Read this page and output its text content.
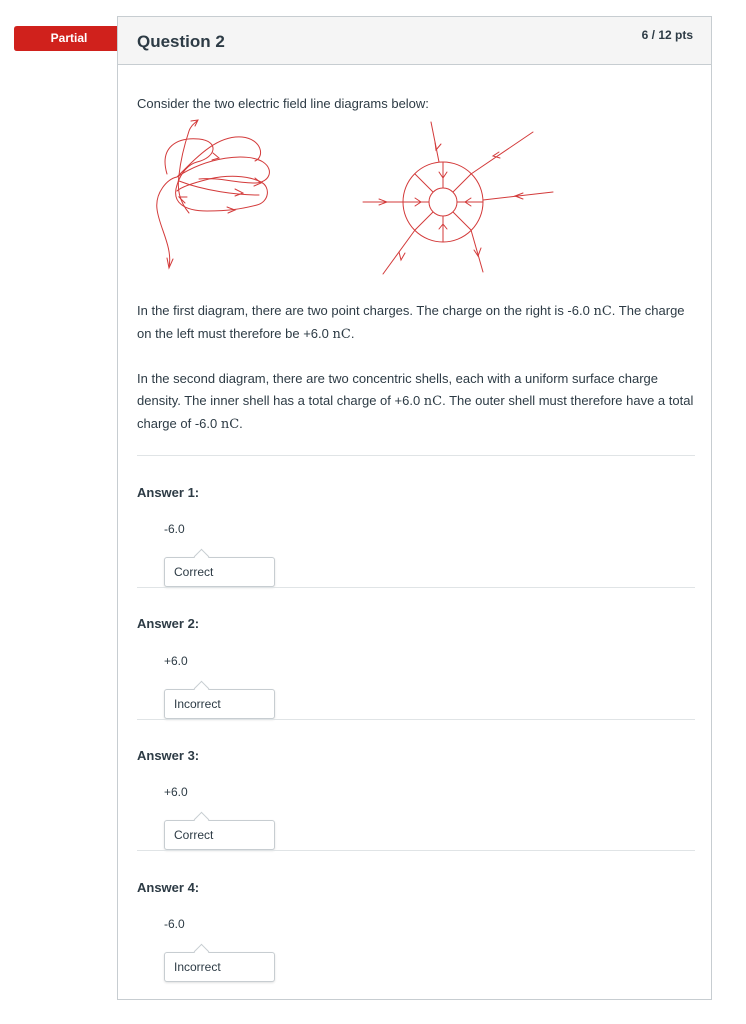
Partial	Question 2	6 / 12 pts

Consider the two electric field line diagrams below:

In the first diagram, there are two point charges. The charge on the right is -6.0 nC. The charge on the left must therefore be +6.0 nC.

In the second diagram, there are two concentric shells, each with a uniform surface charge density. The inner shell has a total charge of +6.0 nC. The outer shell must therefore have a total charge of -6.0 nC.

Answer 1:
-6.0
Correct
Answer 2:
+6.0
Incorrect
Answer 3:
+6.0
Correct
Answer 4:
-6.0
Incorrect
